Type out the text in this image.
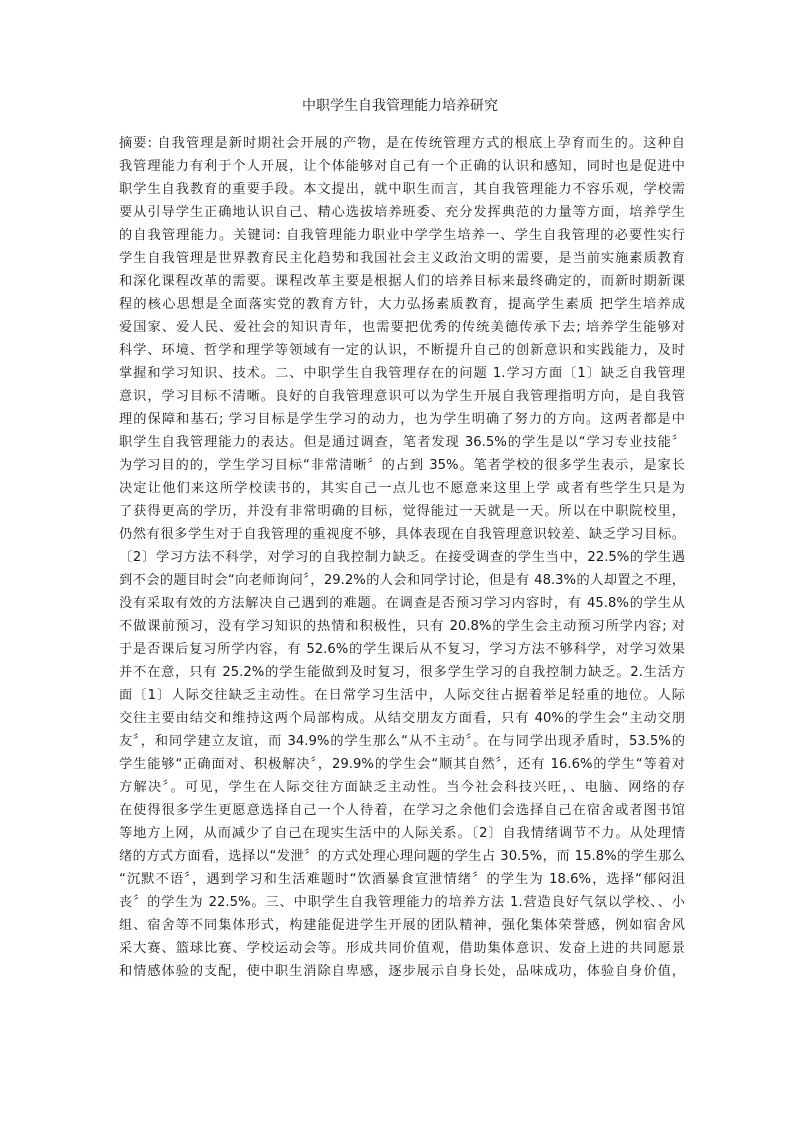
中职学生自我管理能力培养研究
摘要: 自我管理是新时期社会开展的产物，是在传统管理方式的根底上孕育而生的。这种自
我管理能力有利于个人开展，让个体能够对自己有一个正确的认识和感知，同时也是促进中
职学生自我教育的重要手段。本文提出，就中职生而言，其自我管理能力不容乐观，学校需
要从引导学生正确地认识自己、精心选拔培养班委、充分发挥典范的力量等方面，培养学生
的自我管理能力。关键词: 自我管理能力职业中学学生培养一、学生自我管理的必要性实行
学生自我管理是世界教育民主化趋势和我国社会主义政治文明的需要，是当前实施素质教育
和深化课程改革的需要。课程改革主要是根据人们的培养目标来最终确定的，而新时期新课
程的核心思想是全面落实党的教育方针，大力弘扬素质教育，提高学生素质 把学生培养成
爱国家、爱人民、爱社会的知识青年，也需要把优秀的传统美德传承下去; 培养学生能够对
科学、环境、哲学和理学等领域有一定的认识，不断提升自己的创新意识和实践能力，及时
掌握和学习知识、技术。二、中职学生自我管理存在的问题 1.学习方面〔1〕缺乏自我管理
意识，学习目标不清晰。良好的自我管理意识可以为学生开展自我管理指明方向，是自我管
理的保障和基石; 学习目标是学生学习的动力，也为学生明确了努力的方向。这两者都是中
职学生自我管理能力的表达。但是通过调查，笔者发现 36.5%的学生是以“学习专业技能〞
为学习目的的，学生学习目标“非常清晰〞的占到 35%。笔者学校的很多学生表示，是家长
决定让他们来这所学校读书的，其实自己一点儿也不愿意来这里上学 或者有些学生只是为
了获得更高的学历，并没有非常明确的目标，觉得能过一天就是一天。所以在中职院校里，
仍然有很多学生对于自我管理的重视度不够，具体表现在自我管理意识较差、缺乏学习目标。
〔2〕学习方法不科学，对学习的自我控制力缺乏。在接受调查的学生当中，22.5%的学生遇
到不会的题目时会“向老师询问〞，29.2%的人会和同学讨论，但是有 48.3%的人却置之不理，
没有采取有效的方法解决自己遇到的难题。在调查是否预习学习内容时，有 45.8%的学生从
不做课前预习，没有学习知识的热情和积极性，只有 20.8%的学生会主动预习所学内容; 对
于是否课后复习所学内容，有 52.6%的学生课后从不复习，学习方法不够科学，对学习效果
并不在意，只有 25.2%的学生能做到及时复习，很多学生学习的自我控制力缺乏。2.生活方
面〔1〕人际交往缺乏主动性。在日常学习生活中，人际交往占据着举足轻重的地位。人际
交往主要由结交和维持这两个局部构成。从结交朋友方面看，只有 40%的学生会“主动交朋
友〞，和同学建立友谊，而 34.9%的学生那么“从不主动〞。在与同学出现矛盾时，53.5%的
学生能够“正确面对、积极解决〞，29.9%的学生会“顺其自然〞，还有 16.6%的学生“等着对
方解决〞。可见，学生在人际交往方面缺乏主动性。当今社会科技兴旺，、电脑、网络的存
在使得很多学生更愿意选择自己一个人待着，在学习之余他们会选择自己在宿舍或者图书馆
等地方上网，从而减少了自己在现实生活中的人际关系。〔2〕自我情绪调节不力。从处理情
绪的方式方面看，选择以“发泄〞的方式处理心理问题的学生占 30.5%，而 15.8%的学生那么
“沉默不语〞，遇到学习和生活难题时“饮酒暴食宣泄情绪〞的学生为 18.6%，选择“郁闷沮
丧〞的学生为 22.5%。三、中职学生自我管理能力的培养方法 1.营造良好气氛以学校、、小
组、宿舍等不同集体形式，构建能促进学生开展的团队精神，强化集体荣誉感，例如宿舍风
采大赛、篮球比赛、学校运动会等。形成共同价值观，借助集体意识、发奋上进的共同愿景
和情感体验的支配，使中职生消除自卑感，逐步展示自身长处，品味成功，体验自身价值，
